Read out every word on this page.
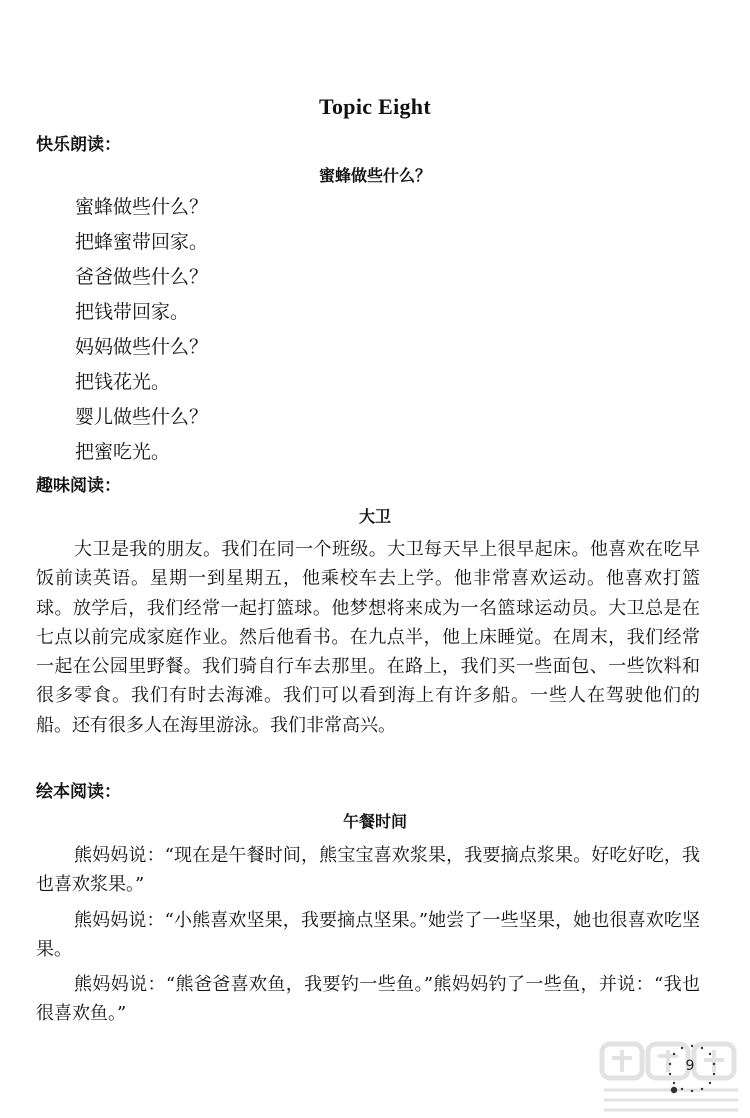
Topic Eight
快乐朗读：
蜜蜂做些什么？
蜜蜂做些什么？
把蜂蜜带回家。
爸爸做些什么？
把钱带回家。
妈妈做些什么？
把钱花光。
婴儿做些什么？
把蜜吃光。
趣味阅读：
大卫
大卫是我的朋友。我们在同一个班级。大卫每天早上很早起床。他喜欢在吃早饭前读英语。星期一到星期五，他乘校车去上学。他非常喜欢运动。他喜欢打篮球。放学后，我们经常一起打篮球。他梦想将来成为一名篮球运动员。大卫总是在七点以前完成家庭作业。然后他看书。在九点半，他上床睡觉。在周末，我们经常一起在公园里野餐。我们骑自行车去那里。在路上，我们买一些面包、一些饮料和很多零食。我们有时去海滩。我们可以看到海上有许多船。一些人在驾驶他们的船。还有很多人在海里游泳。我们非常高兴。
绘本阅读：
午餐时间

熊妈妈说：“现在是午餐时间，熊宝宝喜欢浆果，我要摘点浆果。好吃好吃，我也喜欢浆果。”

熊妈妈说：“小熊喜欢坚果，我要摘点坚果。”她尝了一些坚果，她也很喜欢吃坚果。

熊妈妈说：“熊爸爸喜欢鱼，我要钓一些鱼。”熊妈妈钓了一些鱼，并说：“我也很喜欢鱼。”

9
